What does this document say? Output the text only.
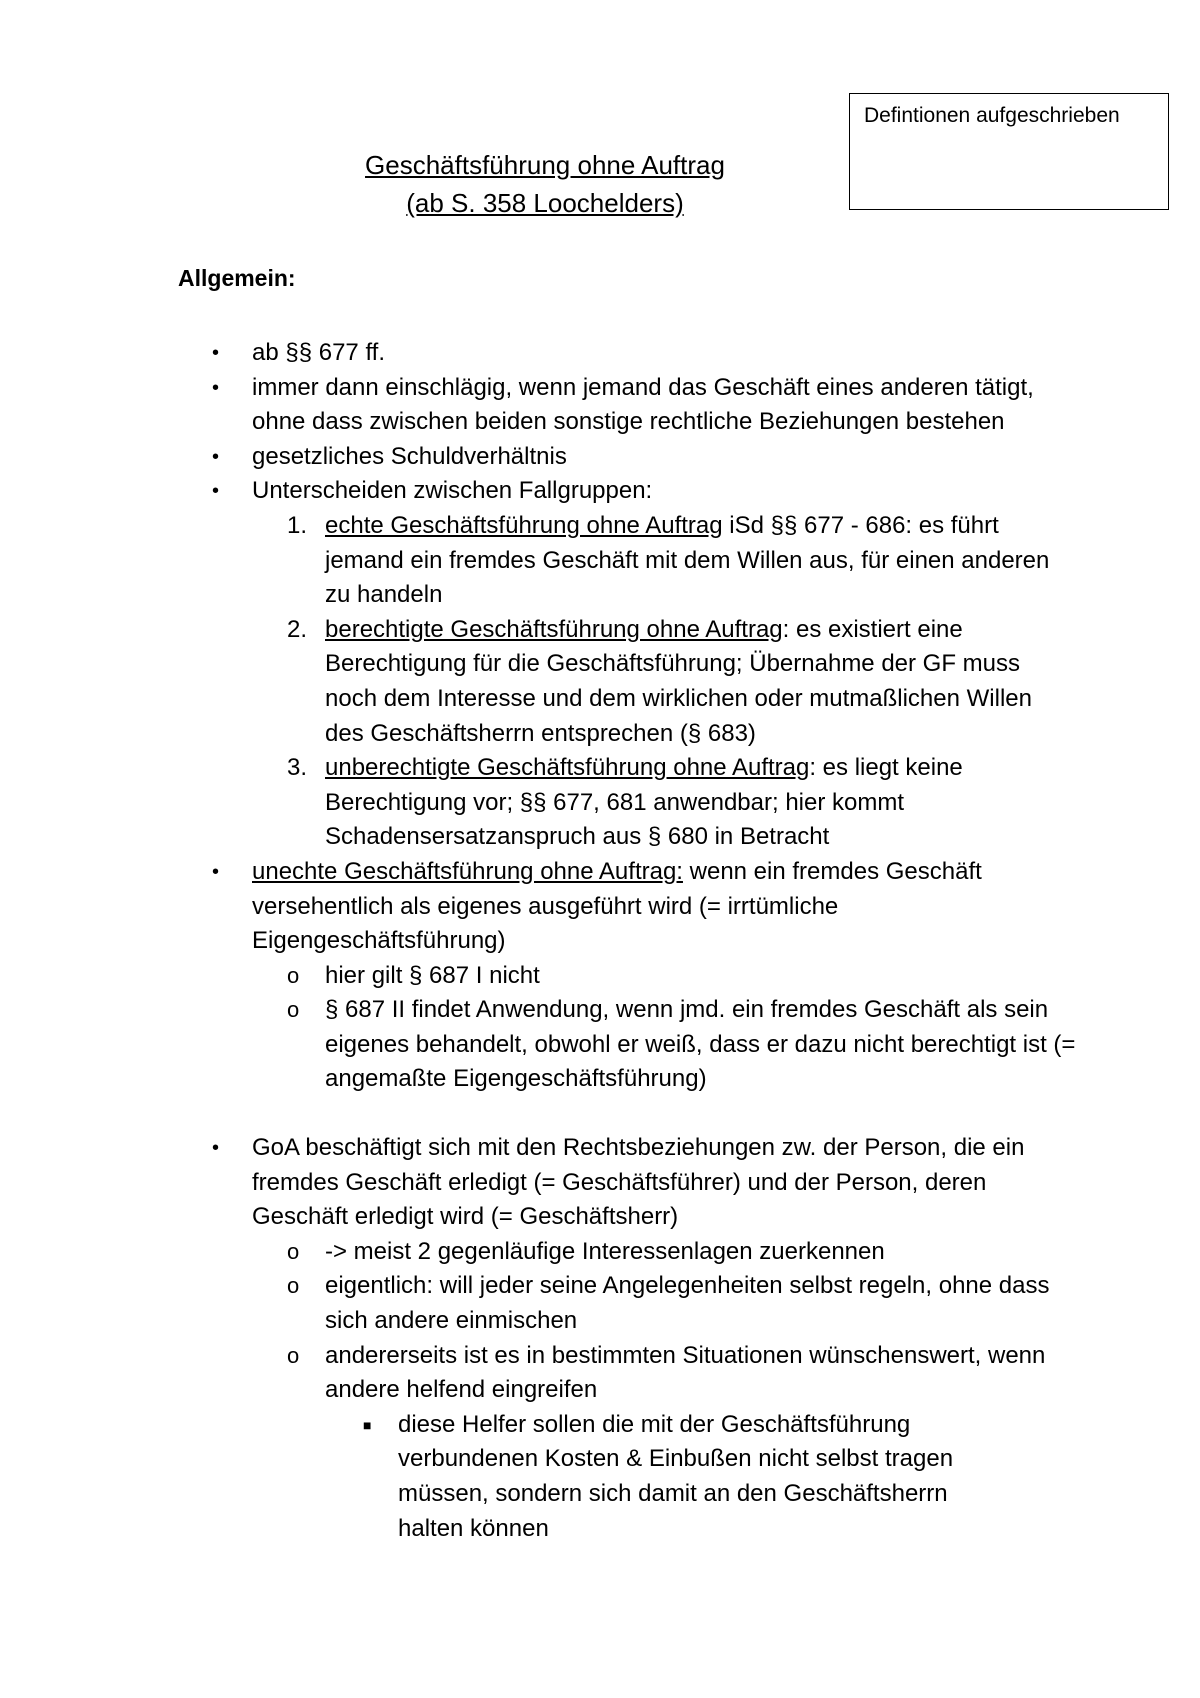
Defintionen aufgeschrieben
Geschäftsführung ohne Auftrag
(ab S. 358 Loochelders)
Allgemein:
• ab §§ 677 ff.
• immer dann einschlägig, wenn jemand das Geschäft eines anderen tätigt, ohne dass zwischen beiden sonstige rechtliche Beziehungen bestehen
• gesetzliches Schuldverhältnis
• Unterscheiden zwischen Fallgruppen:
1. echte Geschäftsführung ohne Auftrag iSd §§ 677 - 686: es führt jemand ein fremdes Geschäft mit dem Willen aus, für einen anderen zu handeln
2. berechtigte Geschäftsführung ohne Auftrag: es existiert eine Berechtigung für die Geschäftsführung; Übernahme der GF muss noch dem Interesse und dem wirklichen oder mutmaßlichen Willen des Geschäftsherrn entsprechen (§ 683)
3. unberechtigte Geschäftsführung ohne Auftrag: es liegt keine Berechtigung vor; §§ 677, 681 anwendbar; hier kommt Schadensersatzanspruch aus § 680 in Betracht
• unechte Geschäftsführung ohne Auftrag: wenn ein fremdes Geschäft versehentlich als eigenes ausgeführt wird (= irrtümliche Eigengeschäftsführung)
o hier gilt § 687 I nicht
o § 687 II findet Anwendung, wenn jmd. ein fremdes Geschäft als sein eigenes behandelt, obwohl er weiß, dass er dazu nicht berechtigt ist (= angemaßte Eigengeschäftsführung)
• GoA beschäftigt sich mit den Rechtsbeziehungen zw. der Person, die ein fremdes Geschäft erledigt (= Geschäftsführer) und der Person, deren Geschäft erledigt wird (= Geschäftsherr)
o -> meist 2 gegenläufige Interessenlagen zuerkennen
o eigentlich: will jeder seine Angelegenheiten selbst regeln, ohne dass sich andere einmischen
o andererseits ist es in bestimmten Situationen wünschenswert, wenn andere helfend eingreifen
■ diese Helfer sollen die mit der Geschäftsführung verbundenen Kosten & Einbußen nicht selbst tragen müssen, sondern sich damit an den Geschäftsherrn halten können
